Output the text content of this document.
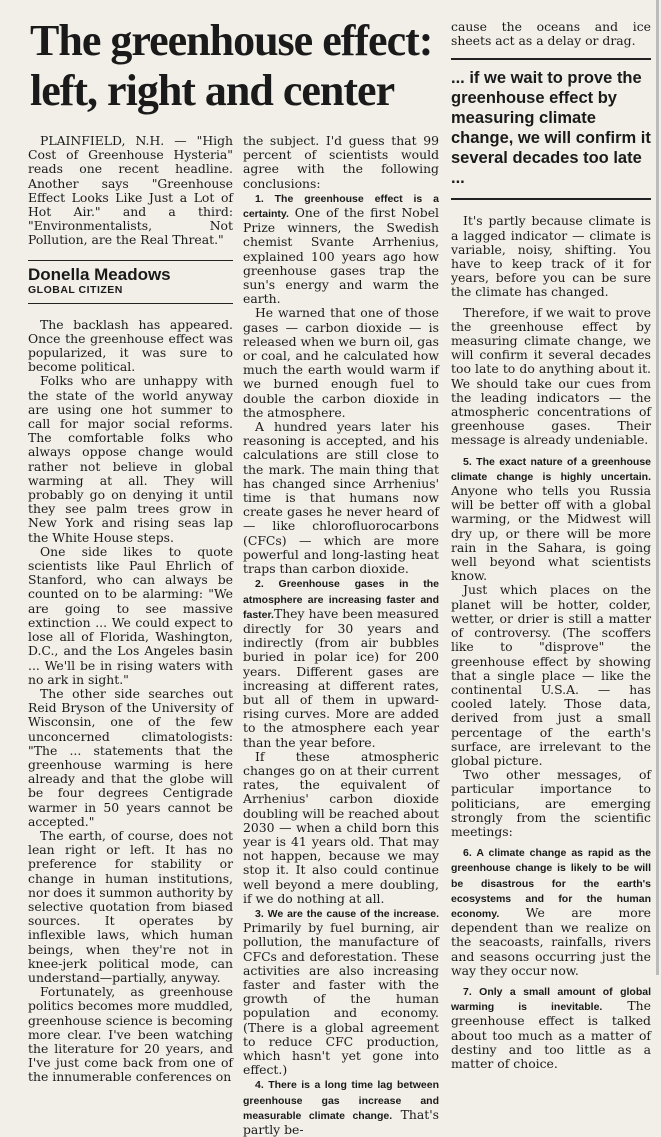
The greenhouse effect: left, right and center

PLAINFIELD, N.H. — "High Cost of Greenhouse Hysteria" reads one recent headline. Another says "Greenhouse Effect Looks Like Just a Lot of Hot Air." and a third: "Environmentalists, Not Pollution, are the Real Threat."

Donella Meadows
GLOBAL CITIZEN

The backlash has appeared. Once the greenhouse effect was popularized, it was sure to become political.

Folks who are unhappy with the state of the world anyway are using one hot summer to call for major social reforms. The comfortable folks who always oppose change would rather not believe in global warming at all. They will probably go on denying it until they see palm trees grow in New York and rising seas lap the White House steps.

One side likes to quote scientists like Paul Ehrlich of Stanford, who can always be counted on to be alarming: "We are going to see massive extinction ... We could expect to lose all of Florida, Washington, D.C., and the Los Angeles basin ... We'll be in rising waters with no ark in sight."

The other side searches out Reid Bryson of the University of Wisconsin, one of the few unconcerned climatologists: "The ... statements that the greenhouse warming is here already and that the globe will be four degrees Centigrade warmer in 50 years cannot be accepted."

The earth, of course, does not lean right or left. It has no preference for stability or change in human institutions, nor does it summon authority by selective quotation from biased sources. It operates by inflexible laws, which human beings, when they're not in knee-jerk political mode, can understand—partially, anyway.

Fortunately, as greenhouse politics becomes more muddled, greenhouse science is becoming more clear. I've been watching the literature for 20 years, and I've just come back from one of the innumerable conferences on

the subject. I'd guess that 99 percent of scientists would agree with the following conclusions:

1. The greenhouse effect is a certainty. One of the first Nobel Prize winners, the Swedish chemist Svante Arrhenius, explained 100 years ago how greenhouse gases trap the sun's energy and warm the earth.

He warned that one of those gases — carbon dioxide — is released when we burn oil, gas or coal, and he calculated how much the earth would warm if we burned enough fuel to double the carbon dioxide in the atmosphere.

A hundred years later his reasoning is accepted, and his calculations are still close to the mark. The main thing that has changed since Arrhenius' time is that humans now create gases he never heard of — like chlorofluorocarbons (CFCs) — which are more powerful and long-lasting heat traps than carbon dioxide.

2. Greenhouse gases in the atmosphere are increasing faster and faster.They have been measured directly for 30 years and indirectly (from air bubbles buried in polar ice) for 200 years. Different gases are increasing at different rates, but all of them in upward-rising curves. More are added to the atmosphere each year than the year before.

If these atmospheric changes go on at their current rates, the equivalent of Arrhenius' carbon dioxide doubling will be reached about 2030 — when a child born this year is 41 years old. That may not happen, because we may stop it. It also could continue well beyond a mere doubling, if we do nothing at all.

3. We are the cause of the increase. Primarily by fuel burning, air pollution, the manufacture of CFCs and deforestation. These activities are also increasing faster and faster with the growth of the human population and economy. (There is a global agreement to reduce CFC production, which hasn't yet gone into effect.)

4. There is a long time lag between greenhouse gas increase and measurable climate change. That's partly be-

cause the oceans and ice sheets act as a delay or drag.

... if we wait to prove the greenhouse effect by measuring climate change, we will confirm it several decades too late ...

It's partly because climate is a lagged indicator — climate is variable, noisy, shifting. You have to keep track of it for years, before you can be sure the climate has changed.

Therefore, if we wait to prove the greenhouse effect by measuring climate change, we will confirm it several decades too late to do anything about it. We should take our cues from the leading indicators — the atmospheric concentrations of greenhouse gases. Their message is already undeniable.

5. The exact nature of a greenhouse climate change is highly uncertain. Anyone who tells you Russia will be better off with a global warming, or the Midwest will dry up, or there will be more rain in the Sahara, is going well beyond what scientists know.

Just which places on the planet will be hotter, colder, wetter, or drier is still a matter of controversy. (The scoffers like to "disprove" the greenhouse effect by showing that a single place — like the continental U.S.A. — has cooled lately. Those data, derived from just a small percentage of the earth's surface, are irrelevant to the global picture.

Two other messages, of particular importance to politicians, are emerging strongly from the scientific meetings:

6. A climate change as rapid as the greenhouse change is likely to be will be disastrous for the earth's ecosystems and for the human economy. We are more dependent than we realize on the seacoasts, rainfalls, rivers and seasons occurring just the way they occur now.

7. Only a small amount of global warming is inevitable. The greenhouse effect is talked about too much as a matter of destiny and too little as a matter of choice.
